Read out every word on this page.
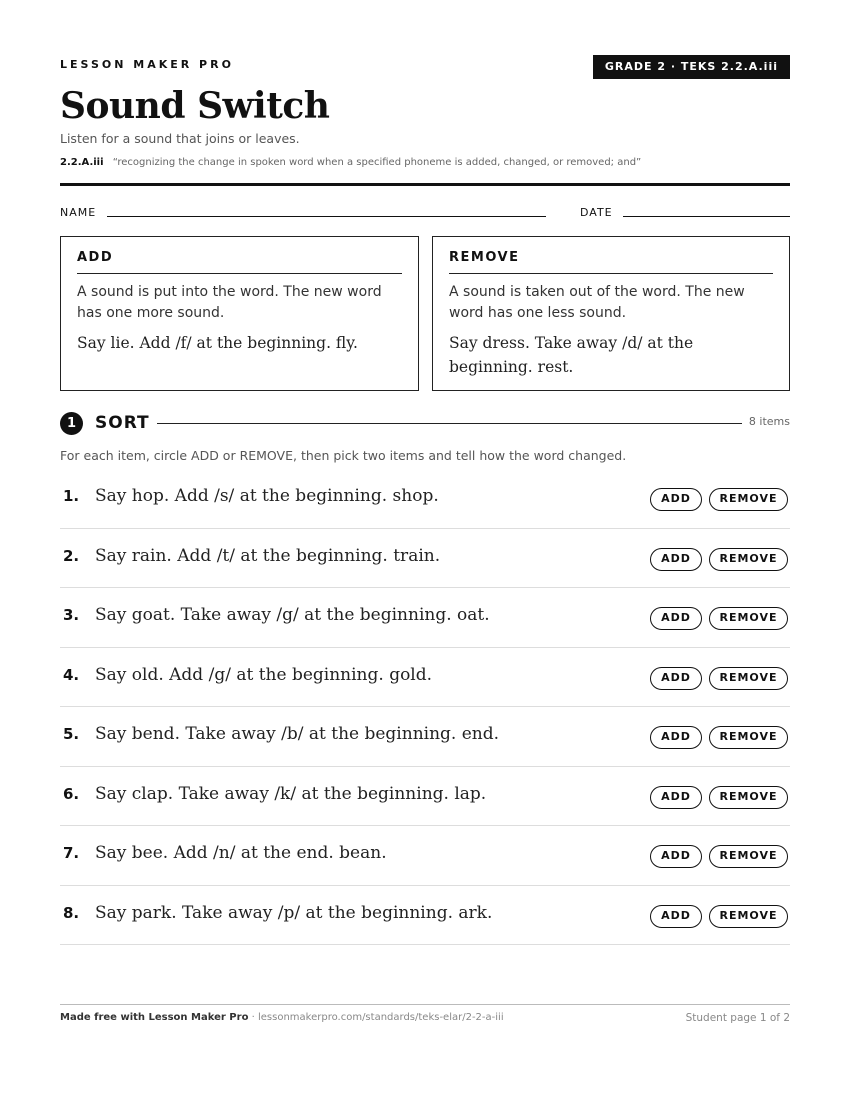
LESSON MAKER PRO	GRADE 2 · TEKS 2.2.A.iii
Sound Switch
Listen for a sound that joins or leaves.
2.2.A.iii “recognizing the change in spoken word when a specified phoneme is added, changed, or removed; and”
NAME	DATE
ADD
A sound is put into the word. The new word has one more sound.
Say lie. Add /f/ at the beginning. fly.
REMOVE
A sound is taken out of the word. The new word has one less sound.
Say dress. Take away /d/ at the beginning. rest.
1	SORT	8 items
For each item, circle ADD or REMOVE, then pick two items and tell how the word changed.
1. Say hop. Add /s/ at the beginning. shop.	ADD	REMOVE
2. Say rain. Add /t/ at the beginning. train.	ADD	REMOVE
3. Say goat. Take away /g/ at the beginning. oat.	ADD	REMOVE
4. Say old. Add /g/ at the beginning. gold.	ADD	REMOVE
5. Say bend. Take away /b/ at the beginning. end.	ADD	REMOVE
6. Say clap. Take away /k/ at the beginning. lap.	ADD	REMOVE
7. Say bee. Add /n/ at the end. bean.	ADD	REMOVE
8. Say park. Take away /p/ at the beginning. ark.	ADD	REMOVE
Made free with Lesson Maker Pro · lessonmakerpro.com/standards/teks-elar/2-2-a-iii	Student page 1 of 2
